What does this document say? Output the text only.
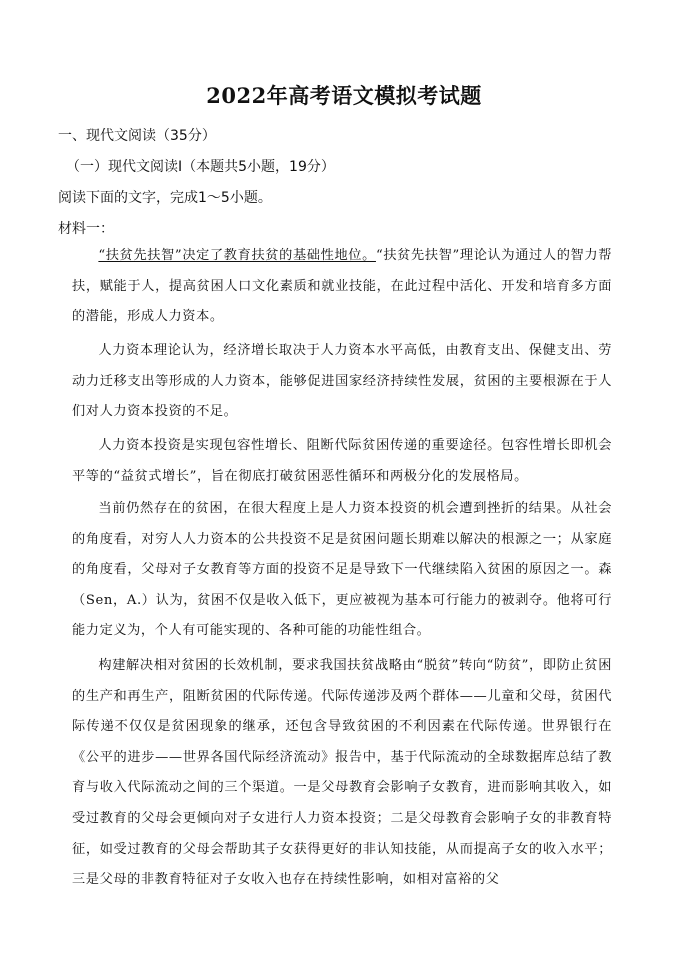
2022年高考语文模拟考试题
一、现代文阅读（35分）
（一）现代文阅读Ⅰ（本题共5小题，19分）
阅读下面的文字，完成1～5小题。
材料一：
“扶贫先扶智”决定了教育扶贫的基础性地位。“扶贫先扶智”理论认为通过人的智力帮扶，赋能于人，提高贫困人口文化素质和就业技能，在此过程中活化、开发和培育多方面的潜能，形成人力资本。
人力资本理论认为，经济增长取决于人力资本水平高低，由教育支出、保健支出、劳动力迁移支出等形成的人力资本，能够促进国家经济持续性发展，贫困的主要根源在于人们对人力资本投资的不足。
人力资本投资是实现包容性增长、阻断代际贫困传递的重要途径。包容性增长即机会平等的“益贫式增长”，旨在彻底打破贫困恶性循环和两极分化的发展格局。
当前仍然存在的贫困，在很大程度上是人力资本投资的机会遭到挫折的结果。从社会的角度看，对穷人人力资本的公共投资不足是贫困问题长期难以解决的根源之一；从家庭的角度看，父母对子女教育等方面的投资不足是导致下一代继续陷入贫困的原因之一。森（Sen，A.）认为，贫困不仅是收入低下，更应被视为基本可行能力的被剥夺。他将可行能力定义为，个人有可能实现的、各种可能的功能性组合。
构建解决相对贫困的长效机制，要求我国扶贫战略由“脱贫”转向“防贫”，即防止贫困的生产和再生产，阻断贫困的代际传递。代际传递涉及两个群体——儿童和父母，贫困代际传递不仅仅是贫困现象的继承，还包含导致贫困的不利因素在代际传递。世界银行在《公平的进步——世界各国代际经济流动》报告中，基于代际流动的全球数据库总结了教育与收入代际流动之间的三个渠道。一是父母教育会影响子女教育，进而影响其收入，如受过教育的父母会更倾向对子女进行人力资本投资；二是父母教育会影响子女的非教育特征，如受过教育的父母会帮助其子女获得更好的非认知技能，从而提高子女的收入水平；三是父母的非教育特征对子女收入也存在持续性影响，如相对富裕的父
